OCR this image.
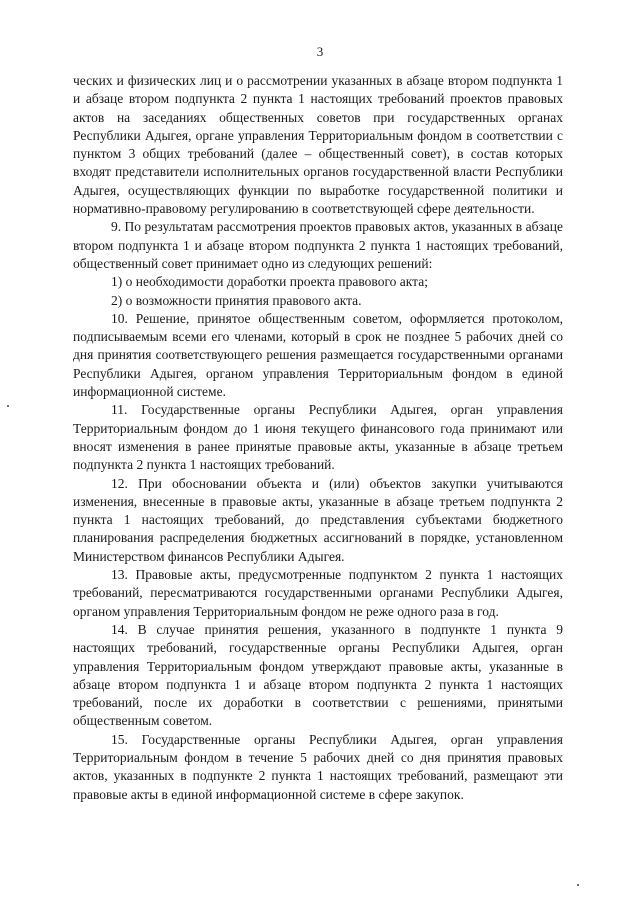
3

ческих и физических лиц и о рассмотрении указанных в абзаце втором подпункта 1 и абзаце втором подпункта 2 пункта 1 настоящих требований проектов правовых актов на заседаниях общественных советов при государственных органах Республики Адыгея, органе управления Территориальным фондом в соответствии с пунктом 3 общих требований (далее – общественный совет), в состав которых входят представители исполнительных органов государственной власти Республики Адыгея, осуществляющих функции по выработке государственной политики и нормативно-правовому регулированию в соответствующей сфере деятельности.

9. По результатам рассмотрения проектов правовых актов, указанных в абзаце втором подпункта 1 и абзаце втором подпункта 2 пункта 1 настоящих требований, общественный совет принимает одно из следующих решений:

1) о необходимости доработки проекта правового акта;

2) о возможности принятия правового акта.

10. Решение, принятое общественным советом, оформляется протоколом, подписываемым всеми его членами, который в срок не позднее 5 рабочих дней со дня принятия соответствующего решения размещается государственными органами Республики Адыгея, органом управления Территориальным фондом в единой информационной системе.

11. Государственные органы Республики Адыгея, орган управления Территориальным фондом до 1 июня текущего финансового года принимают или вносят изменения в ранее принятые правовые акты, указанные в абзаце третьем подпункта 2 пункта 1 настоящих требований.

12. При обосновании объекта и (или) объектов закупки учитываются изменения, внесенные в правовые акты, указанные в абзаце третьем подпункта 2 пункта 1 настоящих требований, до представления субъектами бюджетного планирования распределения бюджетных ассигнований в порядке, установленном Министерством финансов Республики Адыгея.

13. Правовые акты, предусмотренные подпунктом 2 пункта 1 настоящих требований, пересматриваются государственными органами Республики Адыгея, органом управления Территориальным фондом не реже одного раза в год.

14. В случае принятия решения, указанного в подпункте 1 пункта 9 настоящих требований, государственные органы Республики Адыгея, орган управления Территориальным фондом утверждают правовые акты, указанные в абзаце втором подпункта 1 и абзаце втором подпункта 2 пункта 1 настоящих требований, после их доработки в соответствии с решениями, принятыми общественным советом.

15. Государственные органы Республики Адыгея, орган управления Территориальным фондом в течение 5 рабочих дней со дня принятия правовых актов, указанных в подпункте 2 пункта 1 настоящих требований, размещают эти правовые акты в единой информационной системе в сфере закупок.
